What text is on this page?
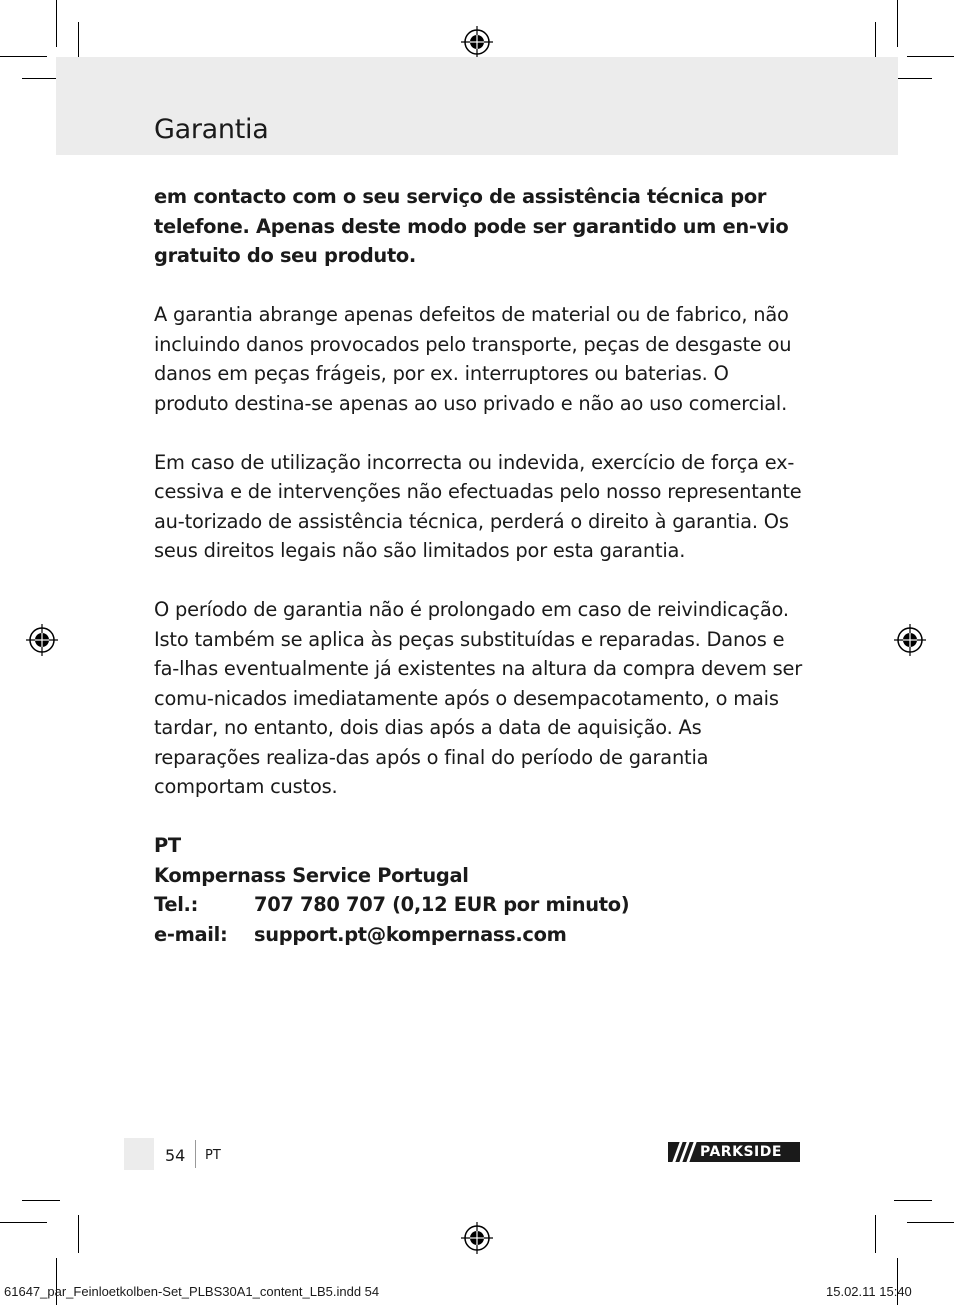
Garantia

em contacto com o seu serviço de assistência técnica por telefone. Apenas deste modo pode ser garantido um en-vio gratuito do seu produto.

A garantia abrange apenas defeitos de material ou de fabrico, não incluindo danos provocados pelo transporte, peças de desgaste ou danos em peças frágeis, por ex. interruptores ou baterias. O produto destina-se apenas ao uso privado e não ao uso comercial.

Em caso de utilização incorrecta ou indevida, exercício de força ex-cessiva e de intervenções não efectuadas pelo nosso representante au-torizado de assistência técnica, perderá o direito à garantia. Os seus direitos legais não são limitados por esta garantia.

O período de garantia não é prolongado em caso de reivindicação. Isto também se aplica às peças substituídas e reparadas. Danos e fa-lhas eventualmente já existentes na altura da compra devem ser comu-nicados imediatamente após o desempacotamento, o mais tardar, no entanto, dois dias após a data de aquisição. As reparações realiza-das após o final do período de garantia comportam custos.

PT
Kompernass Service Portugal
Tel.:	707 780 707 (0,12 EUR por minuto)
e-mail:	support.pt@kompernass.com
54 PT	PARKSIDE
61647_par_Feinloetkolben-Set_PLBS30A1_content_LB5.indd 54	15.02.11 15:40
